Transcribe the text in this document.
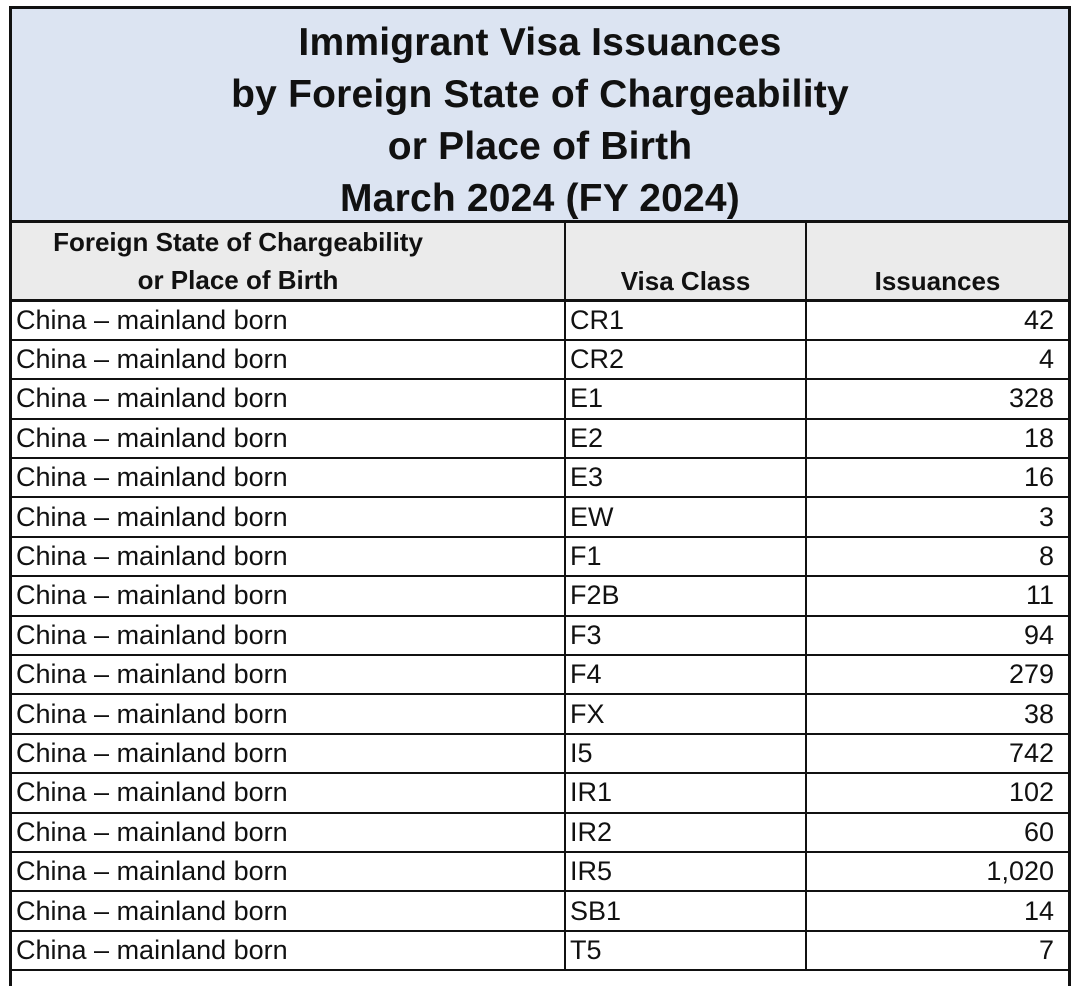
Immigrant Visa Issuances
by Foreign State of Chargeability
or Place of Birth
March 2024 (FY 2024)
Foreign State of Chargeability
or Place of Birth	Visa Class	Issuances
China – mainland born	CR1	42
China – mainland born	CR2	4
China – mainland born	E1	328
China – mainland born	E2	18
China – mainland born	E3	16
China – mainland born	EW	3
China – mainland born	F1	8
China – mainland born	F2B	11
China – mainland born	F3	94
China – mainland born	F4	279
China – mainland born	FX	38
China – mainland born	I5	742
China – mainland born	IR1	102
China – mainland born	IR2	60
China – mainland born	IR5	1,020
China – mainland born	SB1	14
China – mainland born	T5	7
